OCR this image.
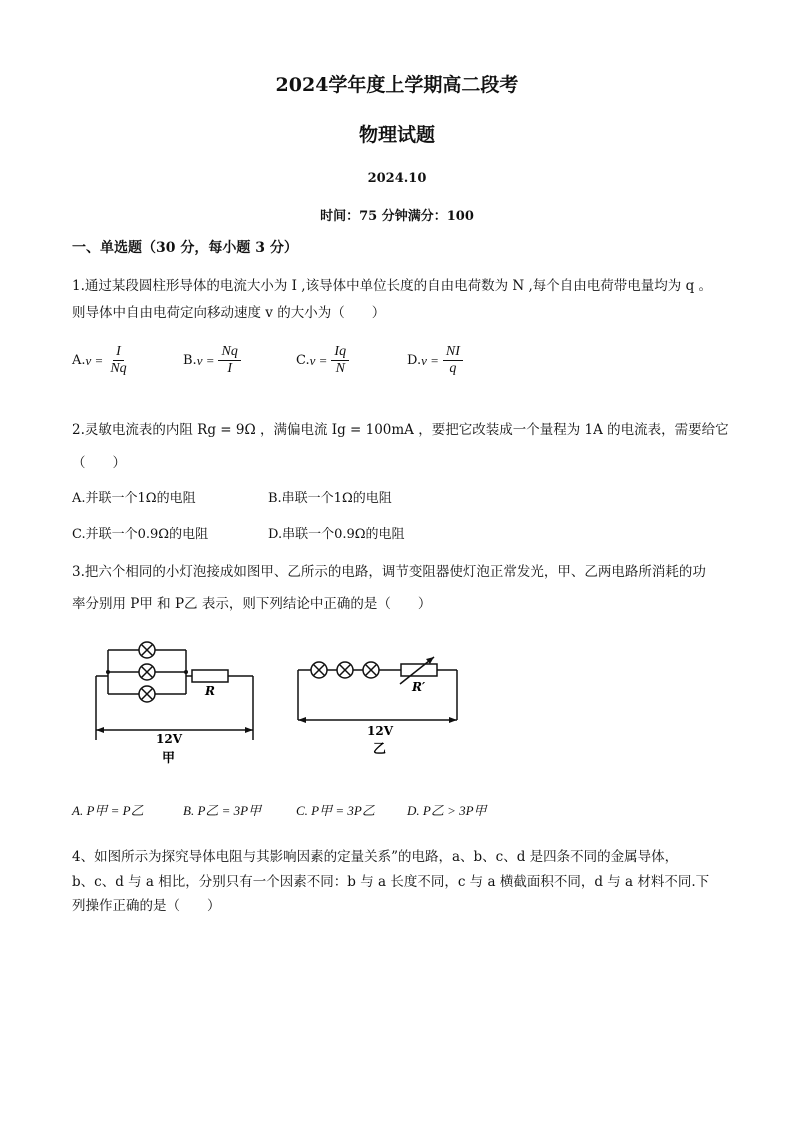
2024学年度上学期高二段考
物理试题
2024.10
时间：75 分钟满分：100
一、单选题（30 分，每小题 3 分）
1.通过某段圆柱形导体的电流大小为 I ,该导体中单位长度的自由电荷数为 N ,每个自由电荷带电量均为 q 。
则导体中自由电荷定向移动速度 v 的大小为（　　）
A. $v = \frac{I}{Nq}$	B. $v = \frac{Nq}{I}$	C. $v = \frac{Iq}{N}$	D. $v = \frac{NI}{q}$
2.灵敏电流表的内阻 Rg = 9Ω ，满偏电流 Ig = 100mA ，要把它改装成一个量程为 1A 的电流表，需要给它
（　　）
A.并联一个1Ω的电阻	B.串联一个1Ω的电阻
C.并联一个0.9Ω的电阻	D.串联一个0.9Ω的电阻
3.把六个相同的小灯泡接成如图甲、乙所示的电路，调节变阻器使灯泡正常发光，甲、乙两电路所消耗的功
率分别用 P甲 和 P乙 表示，则下列结论中正确的是（　　）
R
12V
甲
R′
12V
乙
A. P甲 = P乙	B. P乙 = 3P甲	C. P甲 = 3P乙 D. P乙 > 3P甲
4、如图所示为探究导体电阻与其影响因素的定量关系”的电路，a、b、c、d 是四条不同的金属导体，
b、c、d 与 a 相比，分别只有一个因素不同：b 与 a 长度不同，c 与 a 横截面积不同，d 与 a 材料不同.下
列操作正确的是（　　）
